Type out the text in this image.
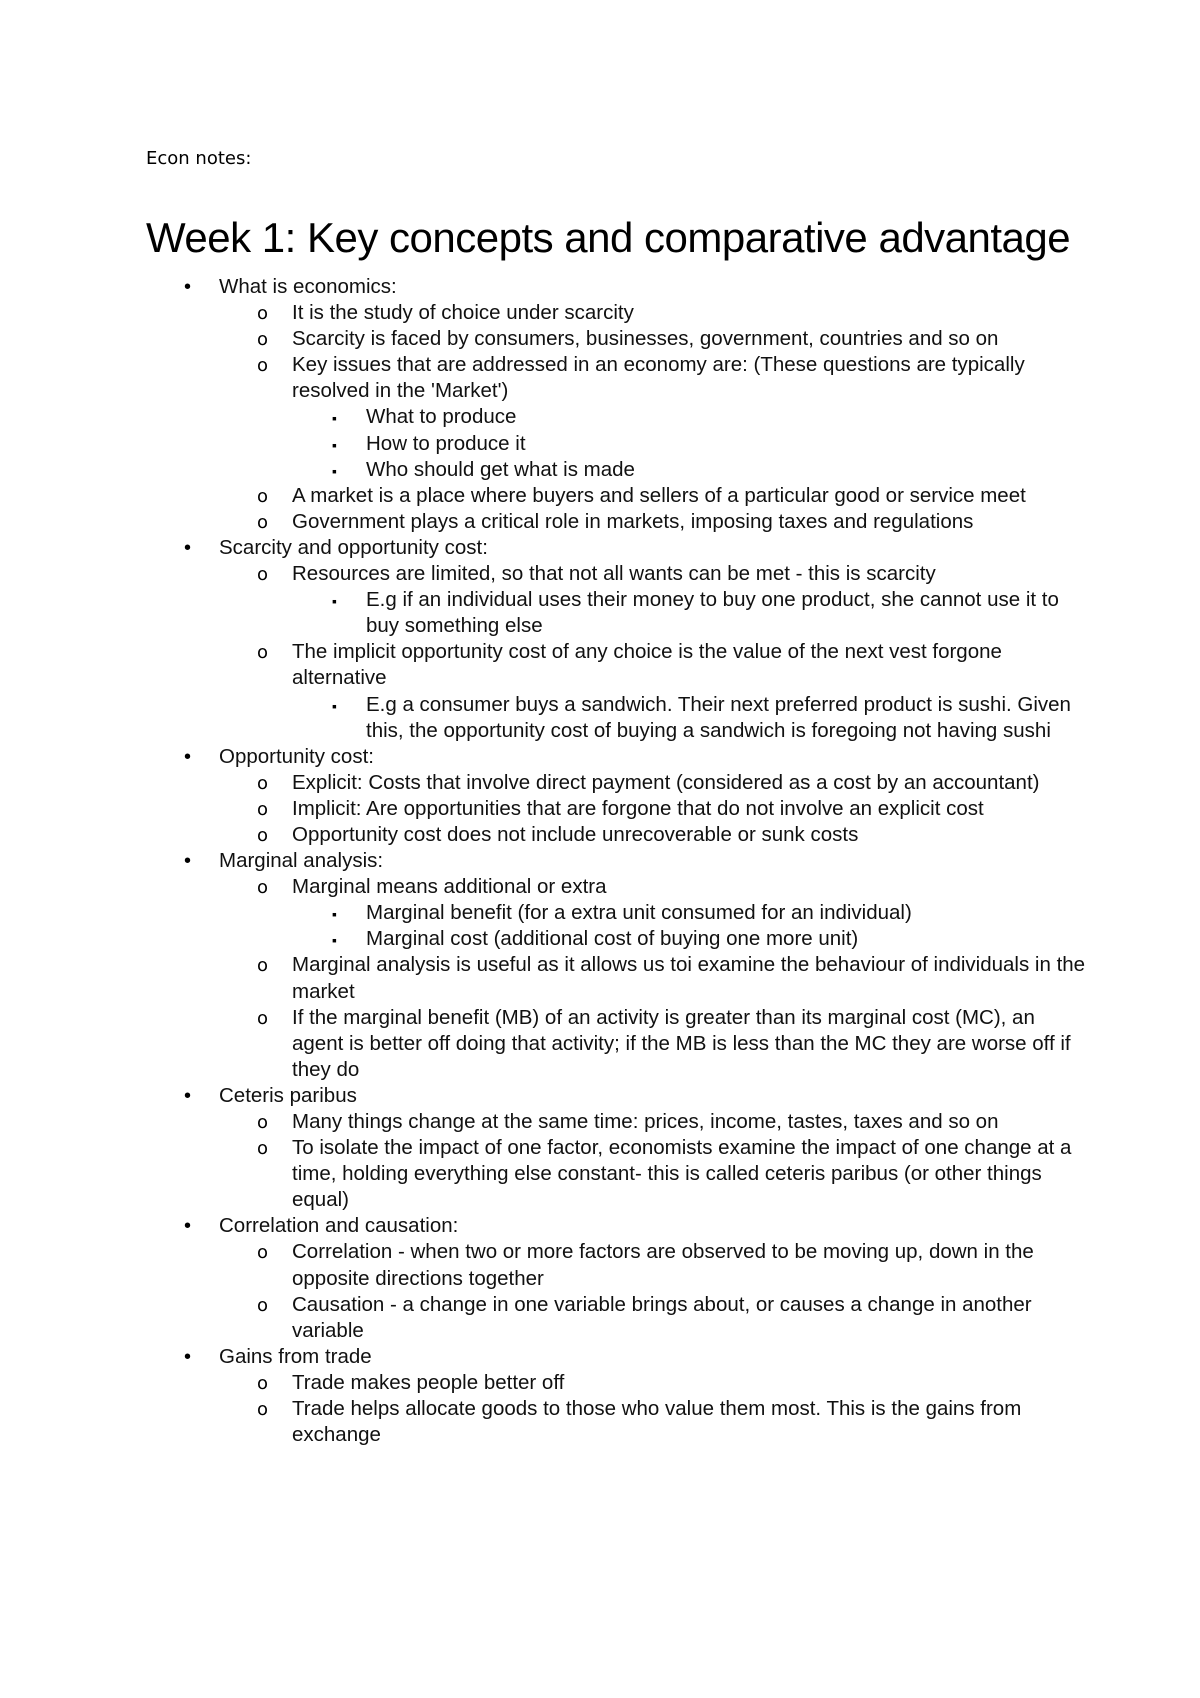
Econ notes:
Week 1: Key concepts and comparative advantage
• What is economics:
o It is the study of choice under scarcity
o Scarcity is faced by consumers, businesses, government, countries and so on
o Key issues that are addressed in an economy are: (These questions are typically resolved in the 'Market')
▪ What to produce
▪ How to produce it
▪ Who should get what is made
o A market is a place where buyers and sellers of a particular good or service meet
o Government plays a critical role in markets, imposing taxes and regulations
• Scarcity and opportunity cost:
o Resources are limited, so that not all wants can be met - this is scarcity
▪ E.g if an individual uses their money to buy one product, she cannot use it to buy something else
o The implicit opportunity cost of any choice is the value of the next vest forgone alternative
▪ E.g a consumer buys a sandwich. Their next preferred product is sushi. Given this, the opportunity cost of buying a sandwich is foregoing not having sushi
• Opportunity cost:
o Explicit: Costs that involve direct payment (considered as a cost by an accountant)
o Implicit: Are opportunities that are forgone that do not involve an explicit cost
o Opportunity cost does not include unrecoverable or sunk costs
• Marginal analysis:
o Marginal means additional or extra
▪ Marginal benefit (for a extra unit consumed for an individual)
▪ Marginal cost (additional cost of buying one more unit)
o Marginal analysis is useful as it allows us toi examine the behaviour of individuals in the market
o If the marginal benefit (MB) of an activity is greater than its marginal cost (MC), an agent is better off doing that activity; if the MB is less than the MC they are worse off if they do
• Ceteris paribus
o Many things change at the same time: prices, income, tastes, taxes and so on
o To isolate the impact of one factor, economists examine the impact of one change at a time, holding everything else constant- this is called ceteris paribus (or other things equal)
• Correlation and causation:
o Correlation - when two or more factors are observed to be moving up, down in the opposite directions together
o Causation - a change in one variable brings about, or causes a change in another variable
• Gains from trade
o Trade makes people better off
o Trade helps allocate goods to those who value them most. This is the gains from exchange
